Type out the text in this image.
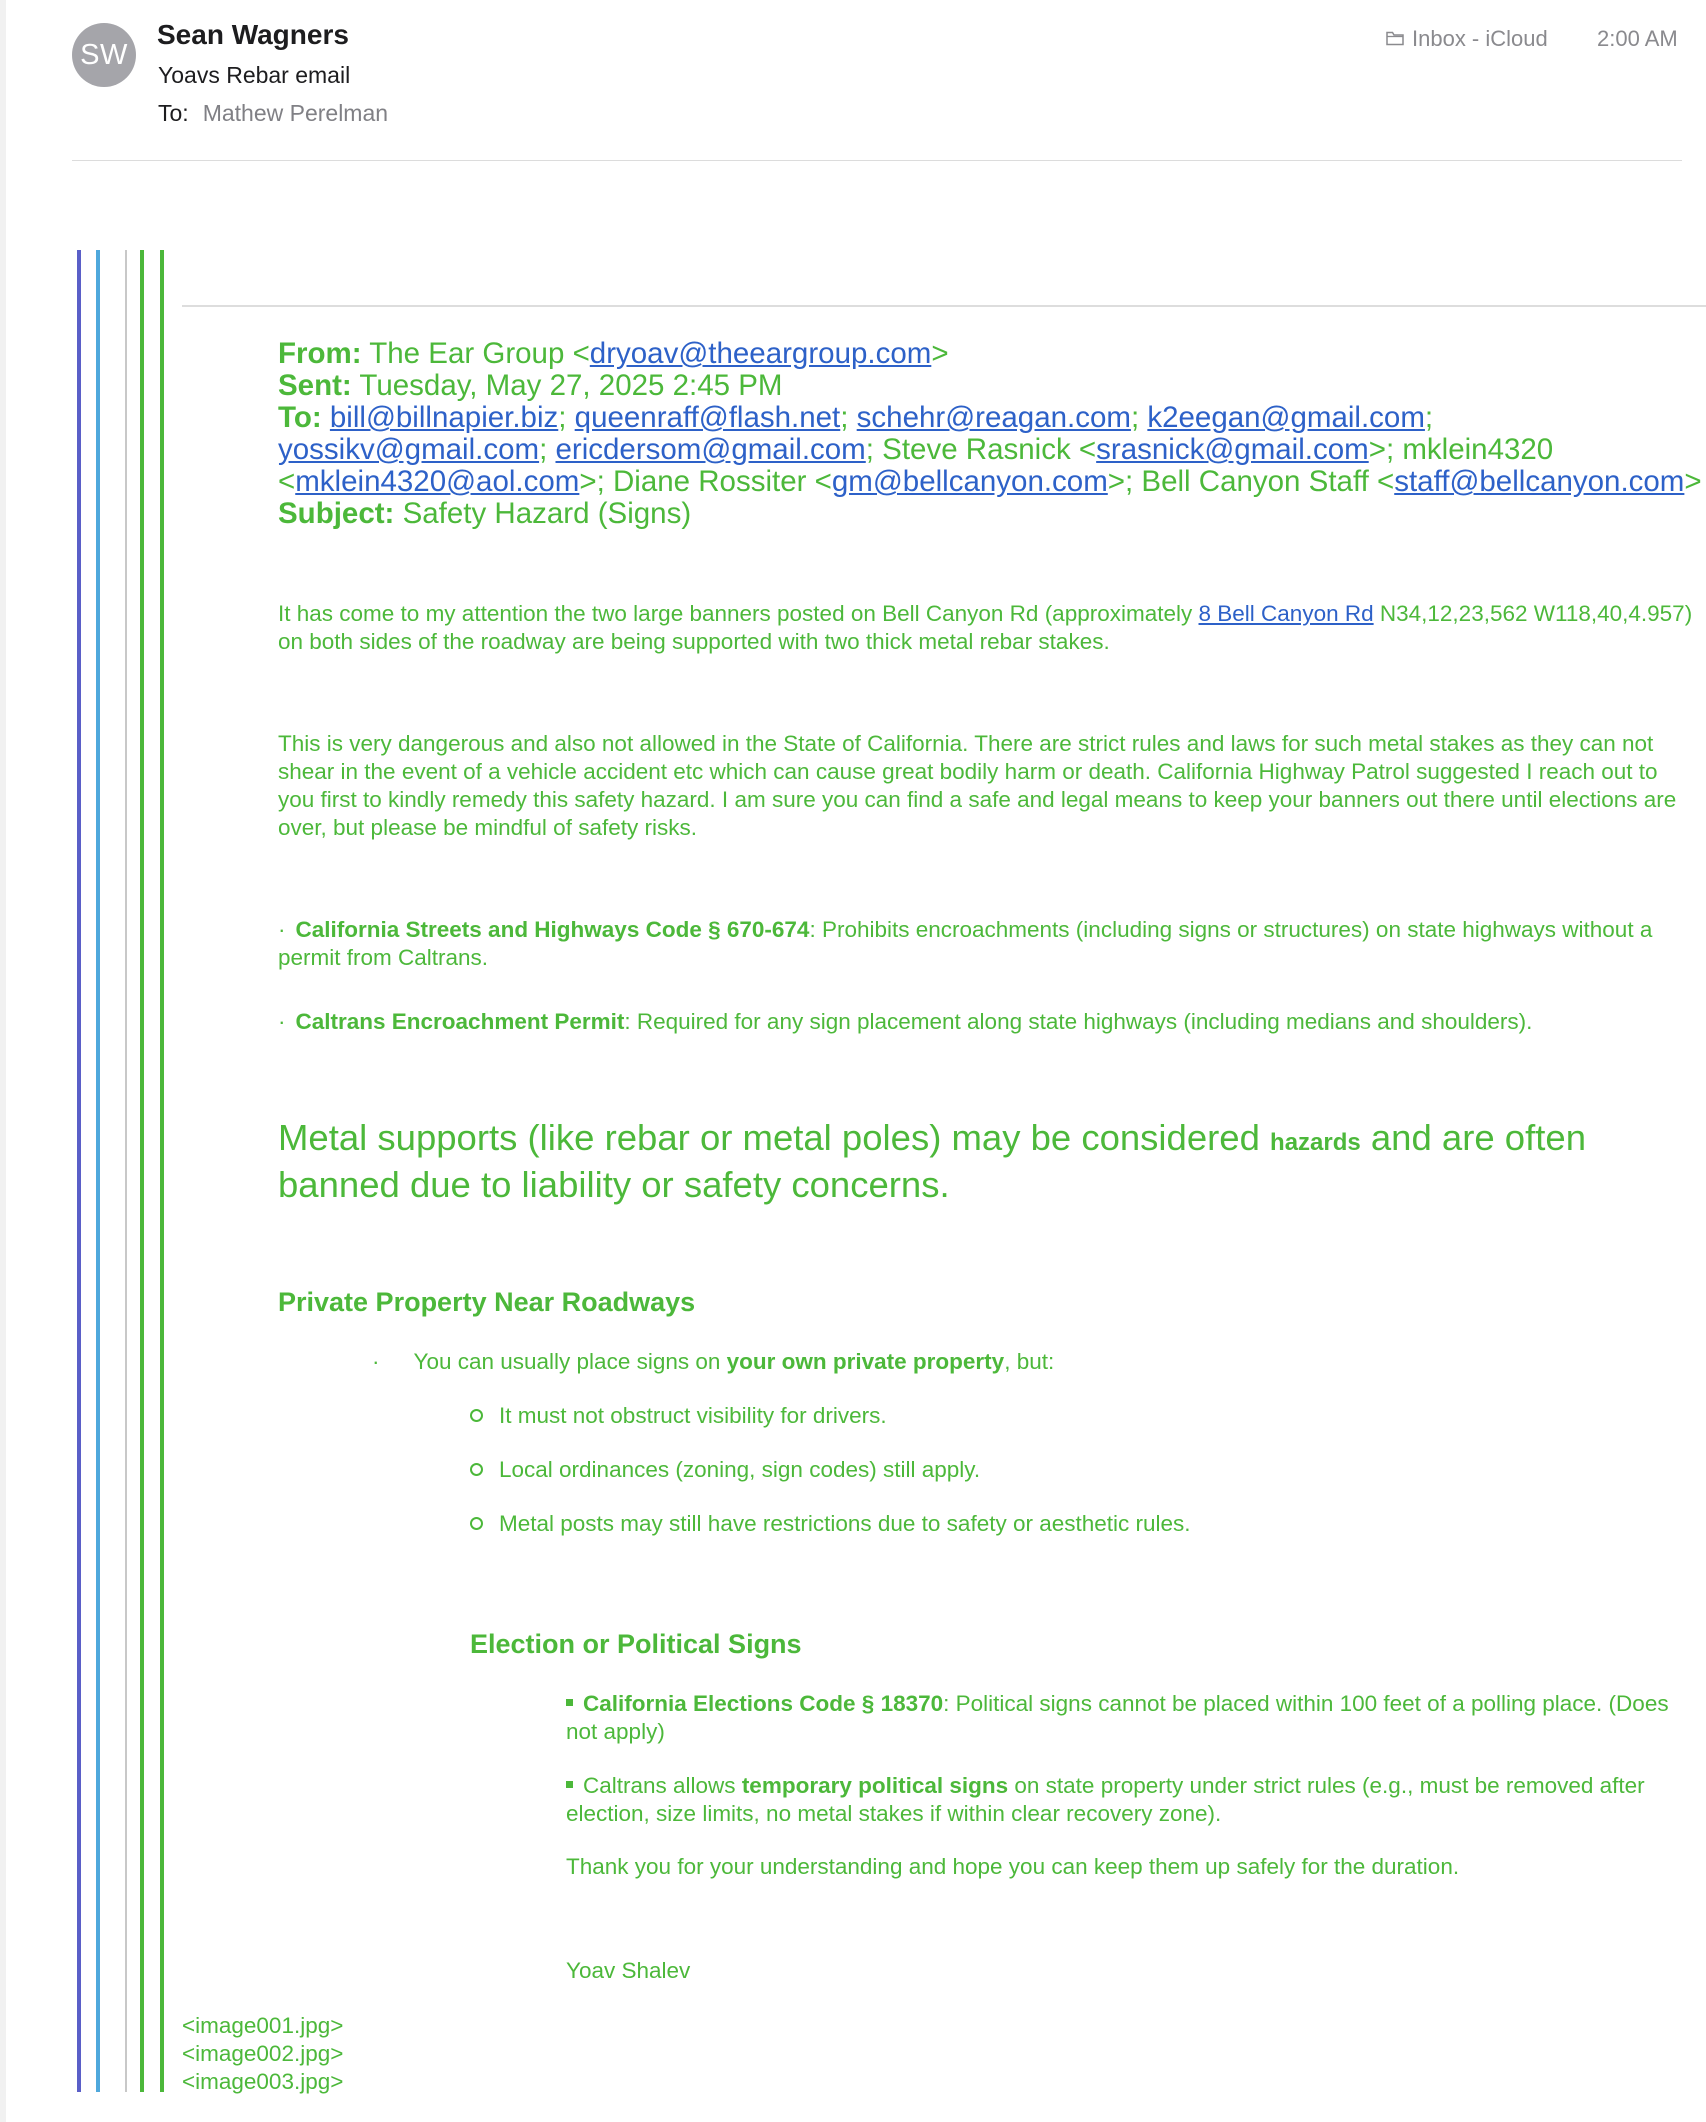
SW
Sean Wagners
Yoavs Rebar email
To: Mathew Perelman
Inbox - iCloud 2:00 AM
From: The Ear Group <dryoav@theeargroup.com>
Sent: Tuesday, May 27, 2025 2:45 PM
To: bill@billnapier.biz; queenraff@flash.net; schehr@reagan.com; k2eegan@gmail.com;
yossikv@gmail.com; ericdersom@gmail.com; Steve Rasnick <srasnick@gmail.com>; mklein4320
<mklein4320@aol.com>; Diane Rossiter <gm@bellcanyon.com>; Bell Canyon Staff <staff@bellcanyon.com>
Subject: Safety Hazard (Signs)
It has come to my attention the two large banners posted on Bell Canyon Rd (approximately 8 Bell Canyon Rd N34,12,23,562 W118,40,4.957) on both sides of the roadway are being supported with two thick metal rebar stakes.
This is very dangerous and also not allowed in the State of California. There are strict rules and laws for such metal stakes as they can not shear in the event of a vehicle accident etc which can cause great bodily harm or death. California Highway Patrol suggested I reach out to you first to kindly remedy this safety hazard. I am sure you can find a safe and legal means to keep your banners out there until elections are over, but please be mindful of safety risks.
· California Streets and Highways Code § 670-674: Prohibits encroachments (including signs or structures) on state highways without a permit from Caltrans.
· Caltrans Encroachment Permit: Required for any sign placement along state highways (including medians and shoulders).
Metal supports (like rebar or metal poles) may be considered hazards and are often banned due to liability or safety concerns.
Private Property Near Roadways
· You can usually place signs on your own private property, but:
It must not obstruct visibility for drivers.
Local ordinances (zoning, sign codes) still apply.
Metal posts may still have restrictions due to safety or aesthetic rules.
Election or Political Signs
California Elections Code § 18370: Political signs cannot be placed within 100 feet of a polling place. (Does not apply)
Caltrans allows temporary political signs on state property under strict rules (e.g., must be removed after election, size limits, no metal stakes if within clear recovery zone).
Thank you for your understanding and hope you can keep them up safely for the duration.
Yoav Shalev
<image001.jpg>
<image002.jpg>
<image003.jpg>
